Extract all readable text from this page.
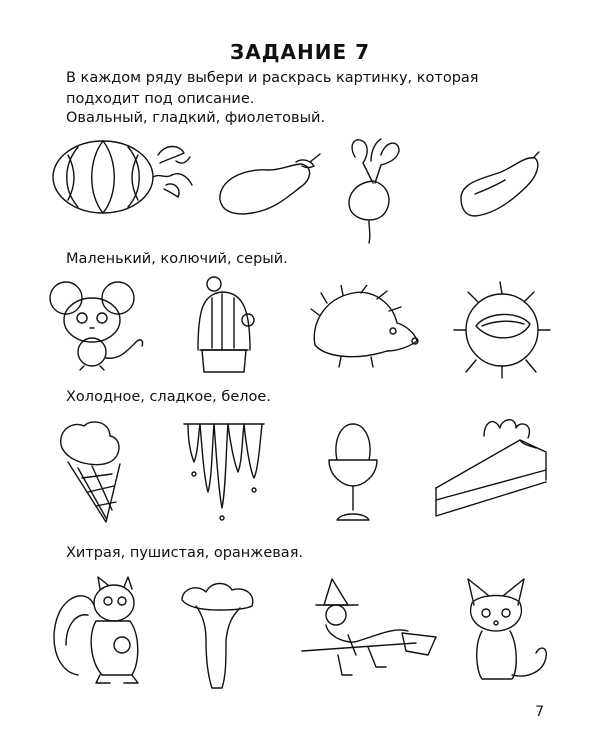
ЗАДАНИЕ 7
В каждом ряду выбери и раскрась картинку, которая подходит под описание.
Овальный, гладкий, фиолетовый.
Маленький, колючий, серый.
Холодное, сладкое, белое.
Хитрая, пушистая, оранжевая.
7
